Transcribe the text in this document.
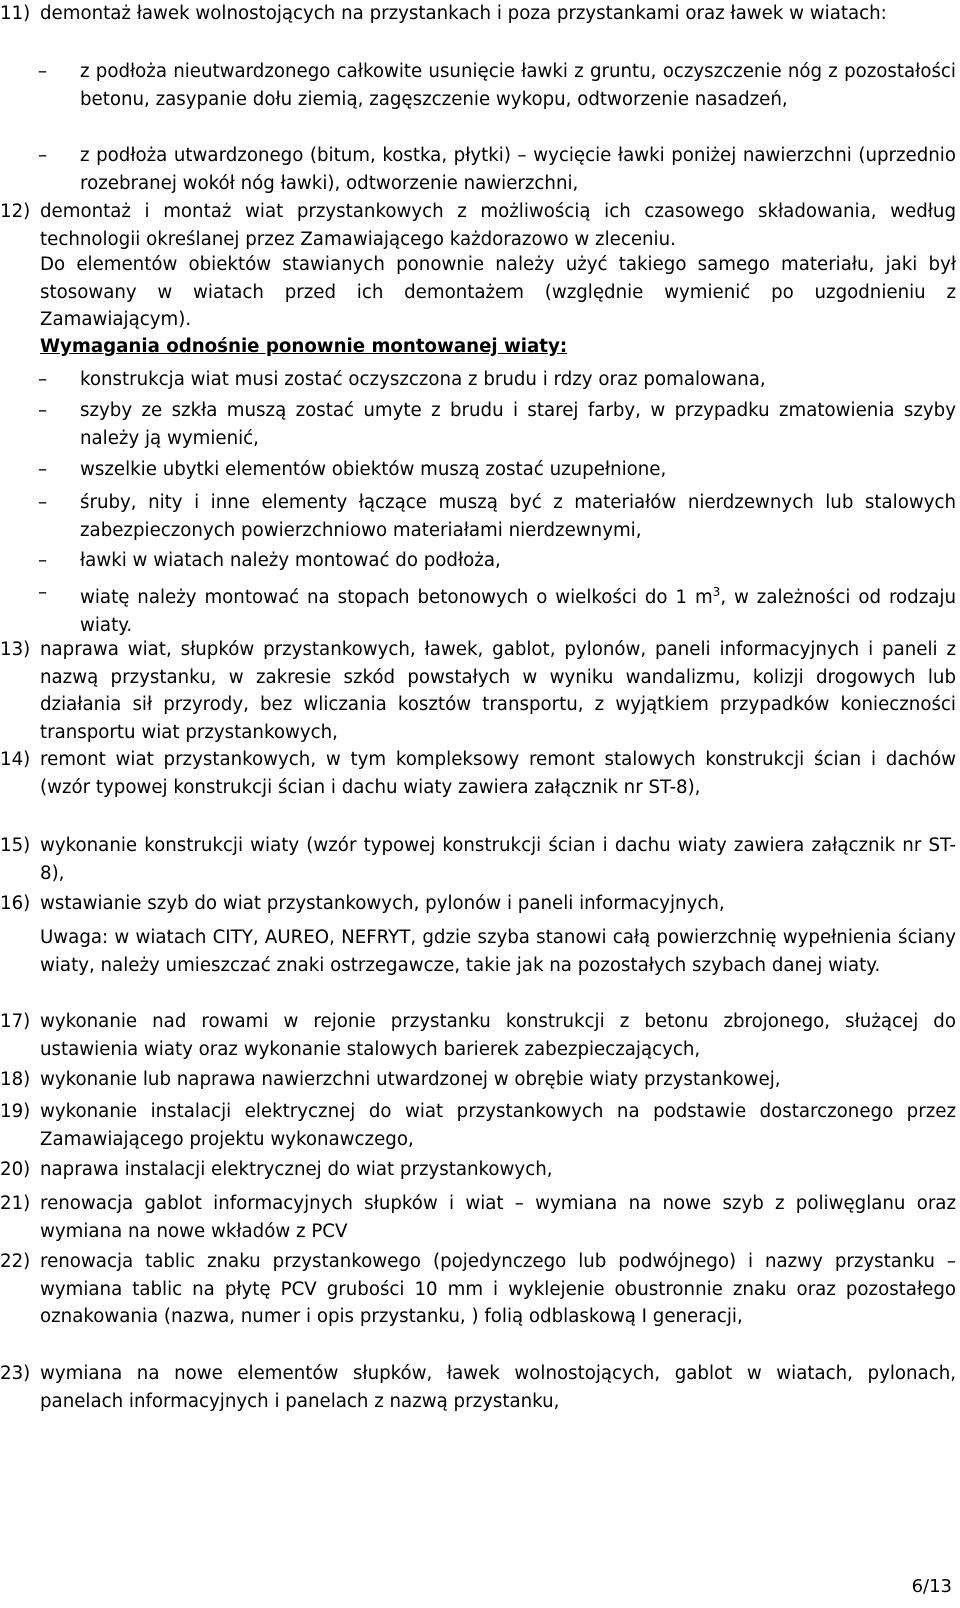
11) demontaż ławek wolnostojących na przystankach i poza przystankami oraz ławek w wiatach:
–	z podłoża nieutwardzonego całkowite usunięcie ławki z gruntu, oczyszczenie nóg z pozostałości betonu, zasypanie dołu ziemią, zagęszczenie wykopu, odtworzenie nasadzeń,
–	z podłoża utwardzonego (bitum, kostka, płytki) – wycięcie ławki poniżej nawierzchni (uprzednio rozebranej wokół nóg ławki), odtworzenie nawierzchni,
12) demontaż i montaż wiat przystankowych z możliwością ich czasowego składowania, według technologii określanej przez Zamawiającego każdorazowo w zleceniu.
Do elementów obiektów stawianych ponownie należy użyć takiego samego materiału, jaki był stosowany w wiatach przed ich demontażem (względnie wymienić po uzgodnieniu z Zamawiającym).
Wymagania odnośnie ponownie montowanej wiaty:
–	konstrukcja wiat musi zostać oczyszczona z brudu i rdzy oraz pomalowana,
–	szyby ze szkła muszą zostać umyte z brudu i starej farby, w przypadku zmatowienia szyby należy ją wymienić,
–	wszelkie ubytki elementów obiektów muszą zostać uzupełnione,
–	śruby, nity i inne elementy łączące muszą być z materiałów nierdzewnych lub stalowych zabezpieczonych powierzchniowo materiałami nierdzewnymi,
–	ławki w wiatach należy montować do podłoża,
–	wiatę należy montować na stopach betonowych o wielkości do 1 $m^3$, w zależności od rodzaju wiaty.
13) naprawa wiat, słupków przystankowych, ławek, gablot, pylonów, paneli informacyjnych i paneli z nazwą przystanku, w zakresie szkód powstałych w wyniku wandalizmu, kolizji drogowych lub działania sił przyrody, bez wliczania kosztów transportu, z wyjątkiem przypadków konieczności transportu wiat przystankowych,
14) remont wiat przystankowych, w tym kompleksowy remont stalowych konstrukcji ścian i dachów (wzór typowej konstrukcji ścian i dachu wiaty zawiera załącznik nr ST-8),
15) wykonanie konstrukcji wiaty (wzór typowej konstrukcji ścian i dachu wiaty zawiera załącznik nr ST-8),
16) wstawianie szyb do wiat przystankowych, pylonów i paneli informacyjnych,
Uwaga: w wiatach CITY, AUREO, NEFRYT, gdzie szyba stanowi całą powierzchnię wypełnienia ściany wiaty, należy umieszczać znaki ostrzegawcze, takie jak na pozostałych szybach danej wiaty.
17) wykonanie nad rowami w rejonie przystanku konstrukcji z betonu zbrojonego, służącej do ustawienia wiaty oraz wykonanie stalowych barierek zabezpieczających,
18) wykonanie lub naprawa nawierzchni utwardzonej w obrębie wiaty przystankowej,
19) wykonanie instalacji elektrycznej do wiat przystankowych na podstawie dostarczonego przez Zamawiającego projektu wykonawczego,
20) naprawa instalacji elektrycznej do wiat przystankowych,
21) renowacja gablot informacyjnych słupków i wiat – wymiana na nowe szyb z poliwęglanu oraz wymiana na nowe wkładów z PCV
22) renowacja tablic znaku przystankowego (pojedynczego lub podwójnego) i nazwy przystanku – wymiana tablic na płytę PCV grubości 10 mm i wyklejenie obustronnie znaku oraz pozostałego oznakowania (nazwa, numer i opis przystanku, ) folią odblaskową I generacji,
23) wymiana na nowe elementów słupków, ławek wolnostojących, gablot w wiatach, pylonach, panelach informacyjnych i panelach z nazwą przystanku,
6/13
